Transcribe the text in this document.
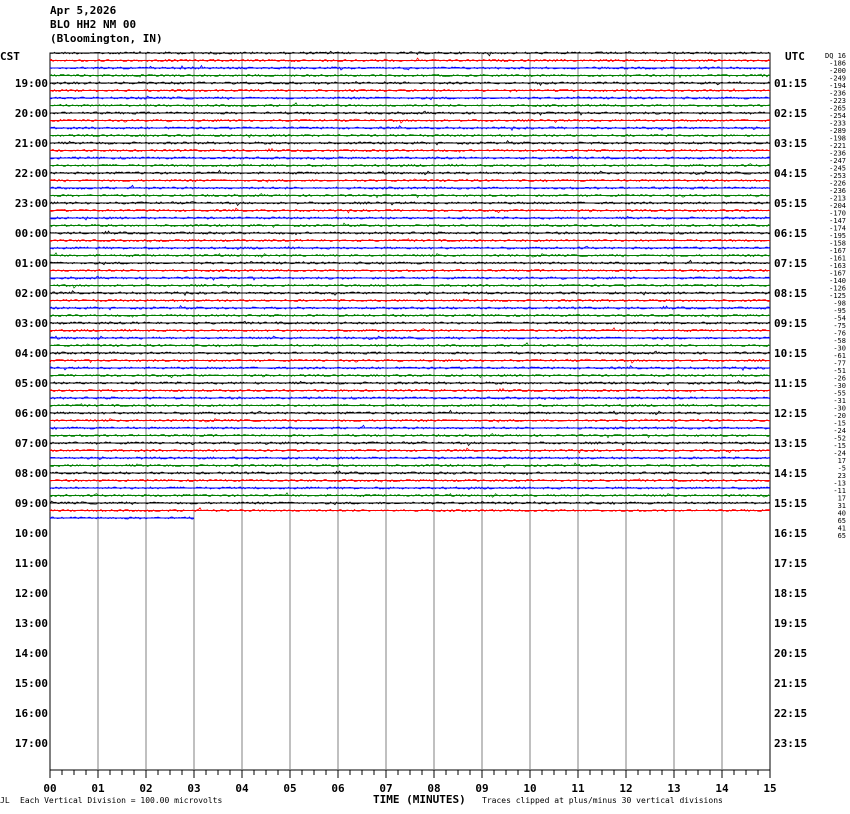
Apr 5,2026
BLO HH2 NM 00
(Bloomington, IN)
CST	UTC
19:00
20:00
21:00
22:00
23:00
00:00
01:00
02:00
03:00
04:00
05:00
06:00
07:00
08:00
09:00
10:00
11:00
12:00
13:00
14:00
15:00
16:00
17:00
01:15
02:15
03:15
04:15
05:15
06:15
07:15
08:15
09:15
10:15
11:15
12:15
13:15
14:15
15:15
16:15
17:15
18:15
19:15
20:15
21:15
22:15
23:15
DQ 16
-186
-200
-249
-194
-236
-223
-265
-254
-233
-289
-198
-221
-236
-247
-245
-253
-226
-236
-213
-204
-170
-147
-174
-195
-158
-167
-161
-163
-167
-140
-126
-125
-98
-95
-54
-75
-76
-58
-30
-61
-77
-51
-26
-30
-55
-31
-30
-20
-15
-24
-52
-15
-24
17
-5
23
-13
-11
17
31
40
65
41
65
00	01	02	03	04	05	06	07	08	09	10	11	12	13	14	15
JL Each Vertical Division = 100.00 microvolts	TIME (MINUTES) Traces clipped at plus/minus 30 vertical divisions
